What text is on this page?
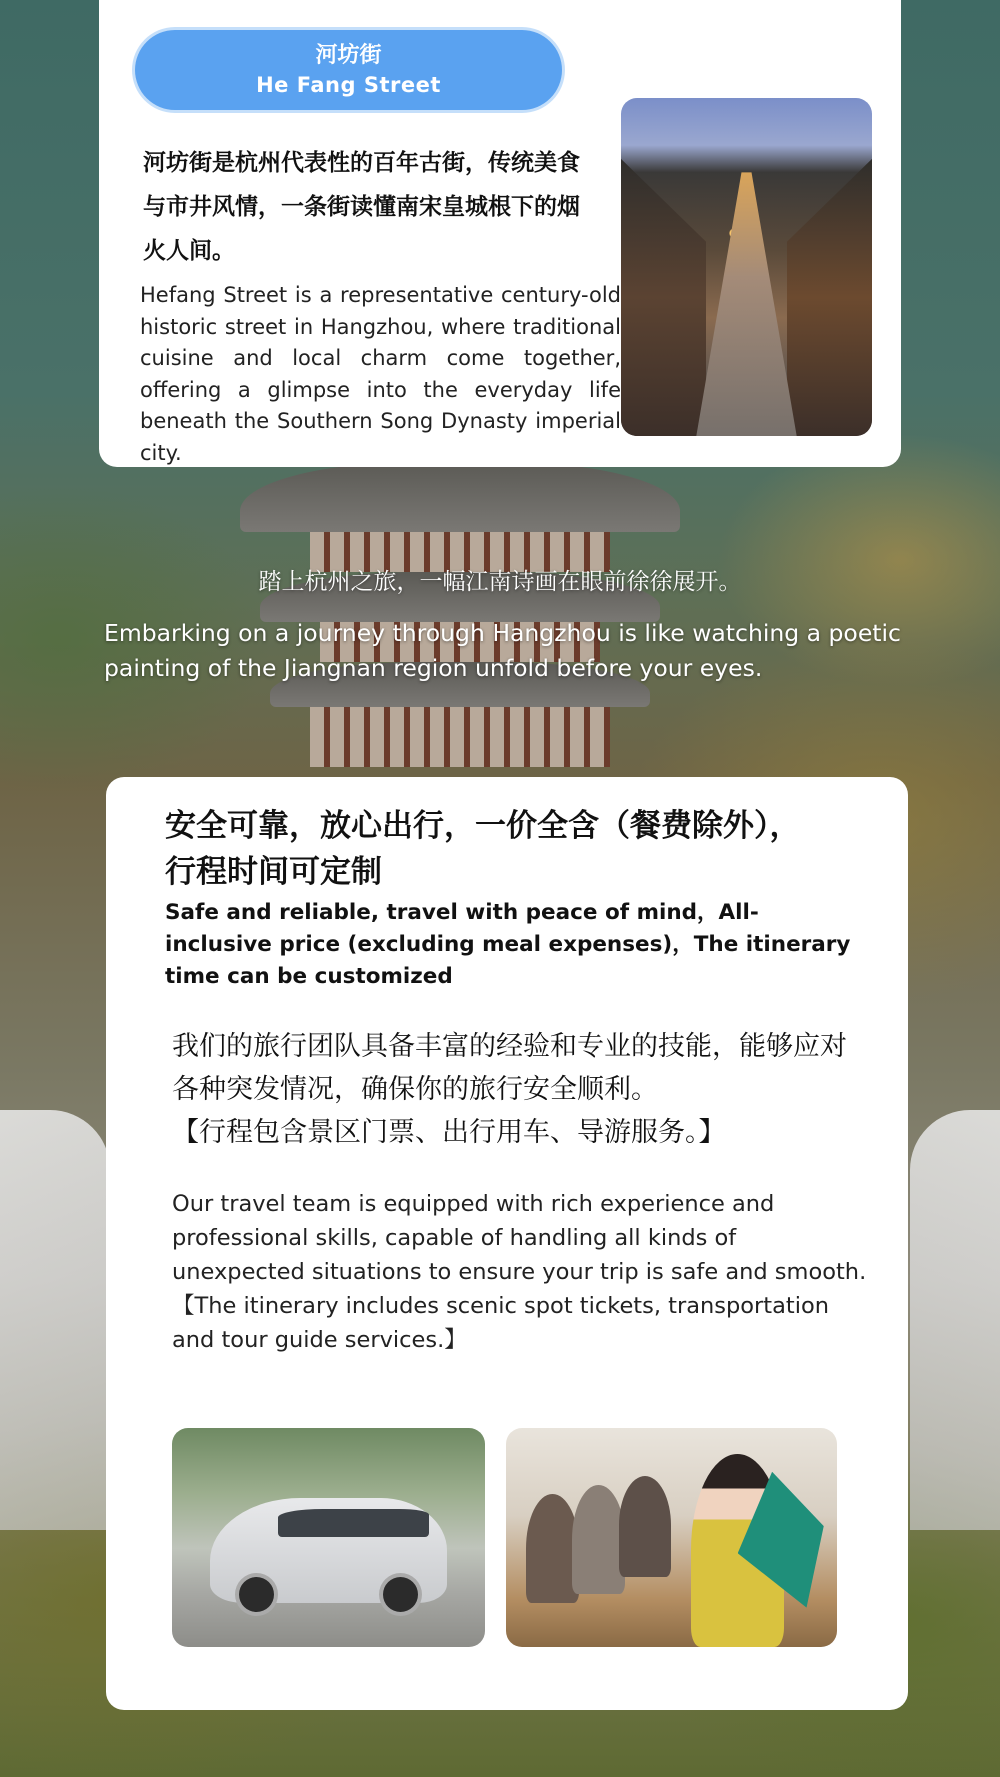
河坊街
He Fang Street
河坊街是杭州代表性的百年古街，传统美食与市井风情，一条街读懂南宋皇城根下的烟火人间。
Hefang Street is a representative century-old historic street in Hangzhou, where traditional cuisine and local charm come together, offering a glimpse into the everyday life beneath the Southern Song Dynasty imperial city.
踏上杭州之旅，一幅江南诗画在眼前徐徐展开。
Embarking on a journey through Hangzhou is like watching a poetic painting of the Jiangnan region unfold before your eyes.
安全可靠，放心出行，一价全含（餐费除外），行程时间可定制
Safe and reliable, travel with peace of mind，All-inclusive price (excluding meal expenses)，The itinerary time can be customized
我们的旅行团队具备丰富的经验和专业的技能，能够应对各种突发情况，确保你的旅行安全顺利。
【行程包含景区门票、出行用车、导游服务。】
Our travel team is equipped with rich experience and professional skills, capable of handling all kinds of unexpected situations to ensure your trip is safe and smooth.
【The itinerary includes scenic spot tickets, transportation and tour guide services.】
